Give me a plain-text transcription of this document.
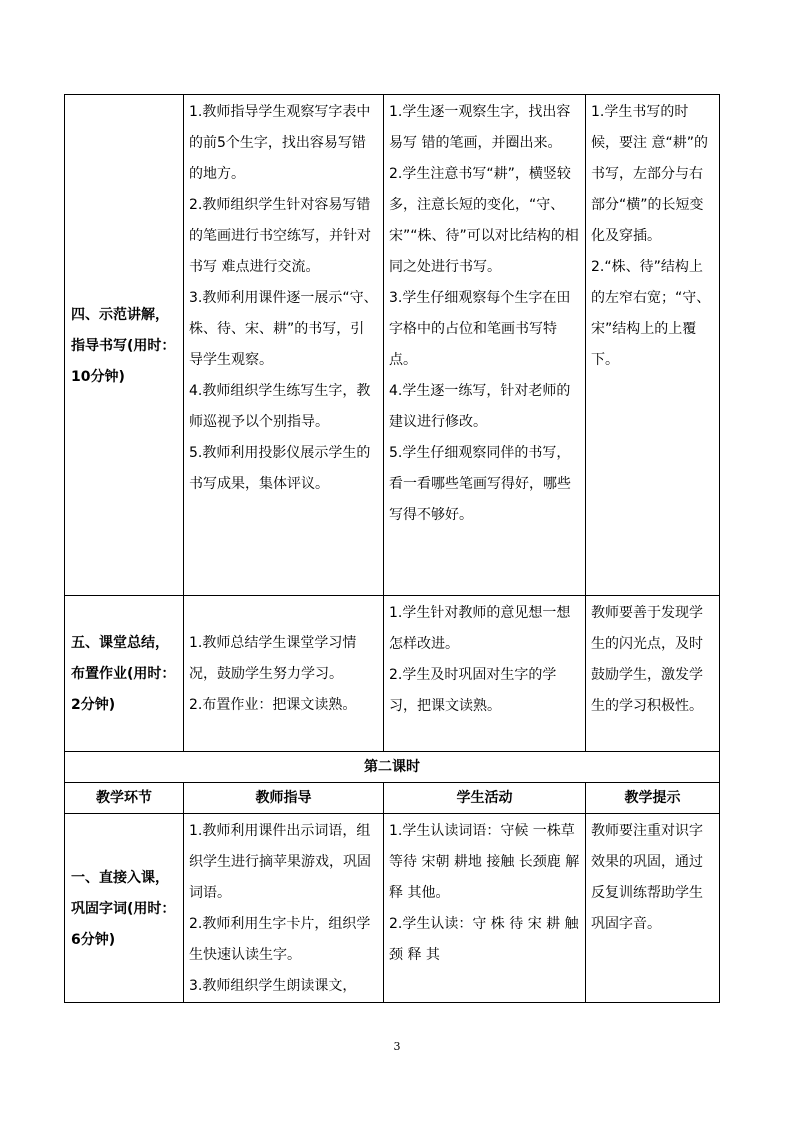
四、示范讲解，指导书写(用时：10分钟)	1.教师指导学生观察写字表中的前5个生字，找出容易写错的地方。
2.教师组织学生针对容易写错的笔画进行书空练写，并针对书写 难点进行交流。
3.教师利用课件逐一展示“守、株、待、宋、耕”的书写，引导学生观察。
4.教师组织学生练写生字，教师巡视予以个别指导。
5.教师利用投影仪展示学生的书写成果，集体评议。	1.学生逐一观察生字，找出容易写 错的笔画，并圈出来。
2.学生注意书写“耕”，横竖较多，注意长短的变化，“守、宋”“株、待”可以对比结构的相同之处进行书写。
3.学生仔细观察每个生字在田字格中的占位和笔画书写特点。
4.学生逐一练写，针对老师的建议进行修改。
5.学生仔细观察同伴的书写，看一看哪些笔画写得好，哪些写得不够好。	1.学生书写的时候，要注 意“耕”的书写，左部分与右部分“横”的长短变化及穿插。
2.“株、待”结构上的左窄右宽；“守、宋”结构上的上覆下。

五、课堂总结，布置作业(用时：2分钟)	1.教师总结学生课堂学习情况，鼓励学生努力学习。
2.布置作业：把课文读熟。	1.学生针对教师的意见想一想怎样改进。
2.学生及时巩固对生字的学习，把课文读熟。	教师要善于发现学生的闪光点，及时鼓励学生，激发学生的学习积极性。

第二课时			
教学环节	教师指导	学生活动	教学提示
一、直接入课，巩固字词(用时：6分钟)	1.教师利用课件出示词语，组织学生进行摘苹果游戏，巩固词语。
2.教师利用生字卡片，组织学生快速认读生字。
3.教师组织学生朗读课文，	1.学生认读词语：守候 一株草 等待 宋朝 耕地 接触 长颈鹿 解释 其他。
2.学生认读：守 株 待 宋 耕 触 颈 释 其	教师要注重对识字效果的巩固，通过反复训练帮助学生巩固字音。
3
